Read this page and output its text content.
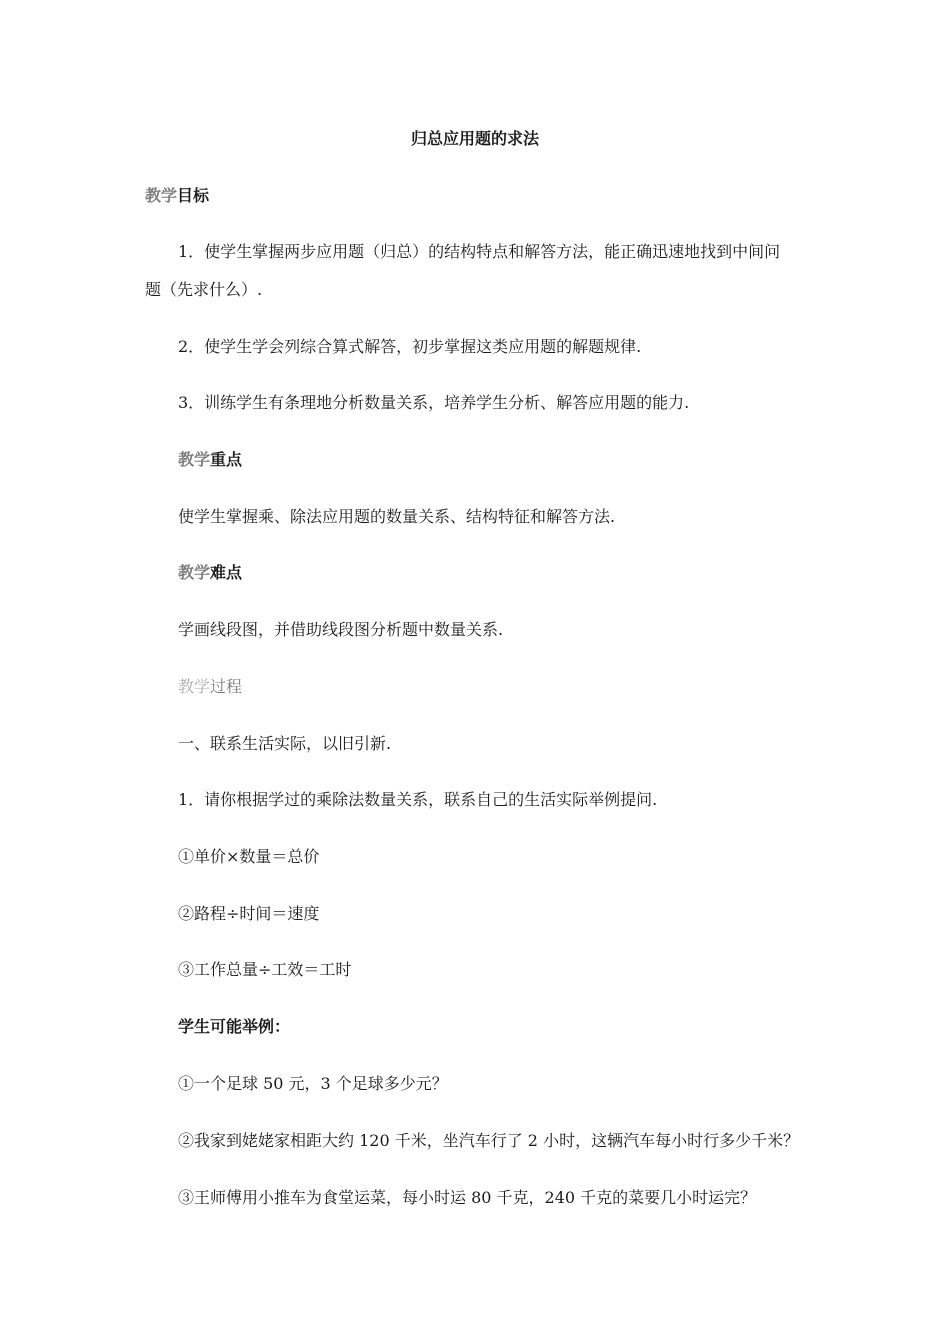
归总应用题的求法
教学目标
1．使学生掌握两步应用题（归总）的结构特点和解答方法，能正确迅速地找到中间问
题（先求什么）.
2．使学生学会列综合算式解答，初步掌握这类应用题的解题规律.
3．训练学生有条理地分析数量关系，培养学生分析、解答应用题的能力.
教学重点
使学生掌握乘、除法应用题的数量关系、结构特征和解答方法.
教学难点
学画线段图，并借助线段图分析题中数量关系.
教学过程
一、联系生活实际，以旧引新.
1．请你根据学过的乘除法数量关系，联系自己的生活实际举例提问.
①单价×数量＝总价
②路程÷时间＝速度
③工作总量÷工效＝工时
学生可能举例：
①一个足球 50 元，3 个足球多少元？
②我家到姥姥家相距大约 120 千米，坐汽车行了 2 小时，这辆汽车每小时行多少千米？
③王师傅用小推车为食堂运菜，每小时运 80 千克，240 千克的菜要几小时运完？
